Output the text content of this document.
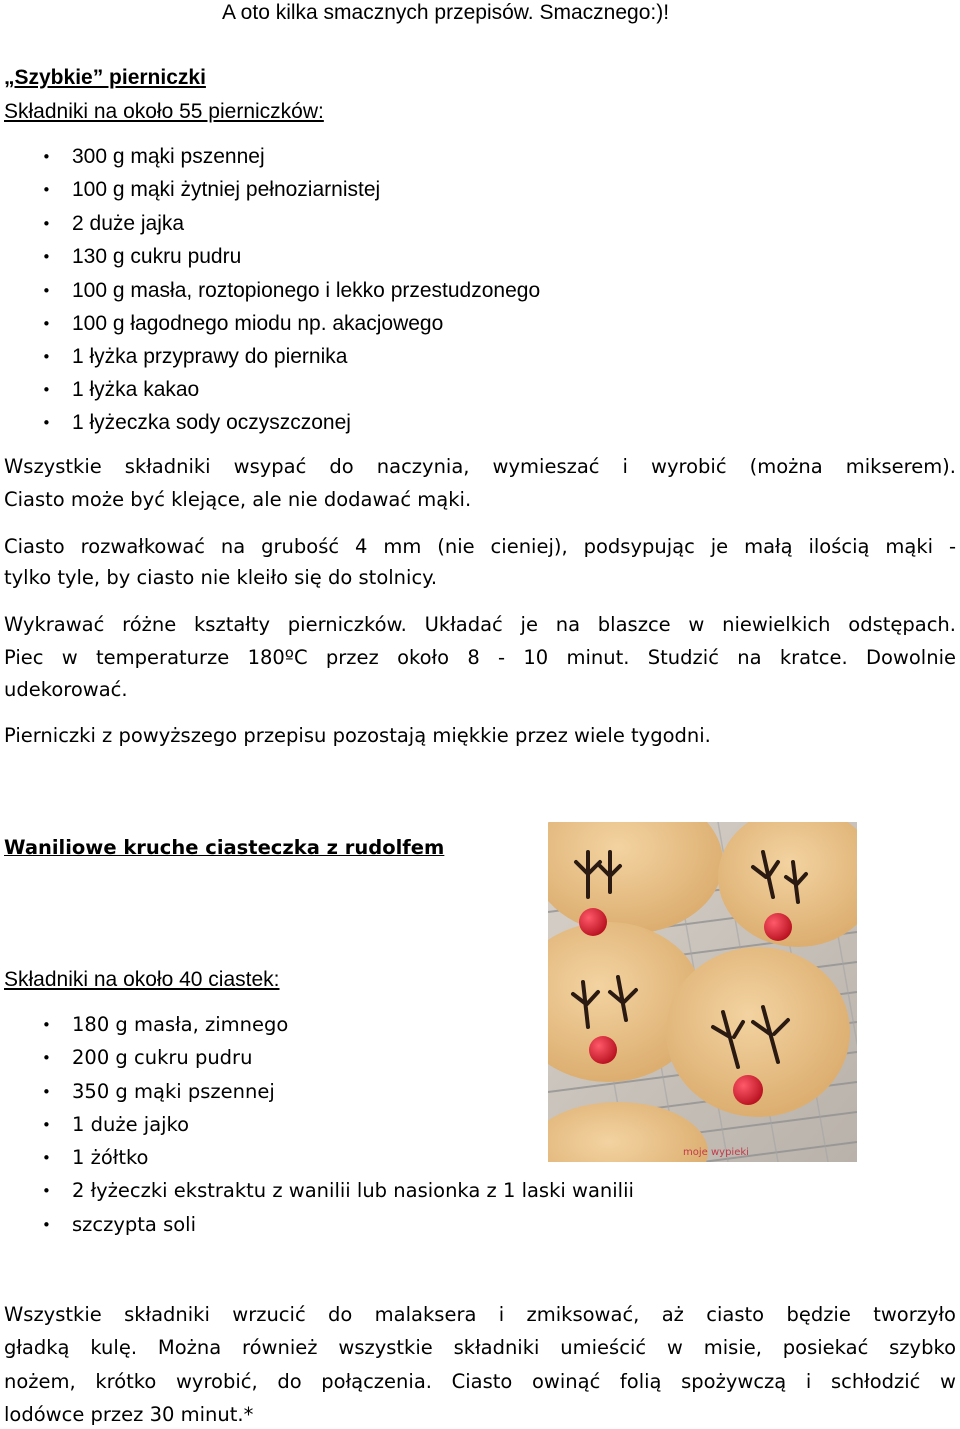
A oto kilka smacznych przepisów. Smacznego:)!
„Szybkie” pierniczki
Składniki na około 55 pierniczków:
• 300 g mąki pszennej
• 100 g mąki żytniej pełnoziarnistej
• 2 duże jajka
• 130 g cukru pudru
• 100 g masła, roztopionego i lekko przestudzonego
• 100 g łagodnego miodu np. akacjowego
• 1 łyżka przyprawy do piernika
• 1 łyżka kakao
• 1 łyżeczka sody oczyszczonej
Wszystkie składniki wsypać do naczynia, wymieszać i wyrobić (można mikserem).
Ciasto może być klejące, ale nie dodawać mąki.
Ciasto rozwałkować na grubość 4 mm (nie cieniej), podsypując je małą ilością mąki -
tylko tyle, by ciasto nie kleiło się do stolnicy.
Wykrawać różne kształty pierniczków. Układać je na blaszce w niewielkich odstępach.
Piec w temperaturze 180ºC przez około 8 - 10 minut. Studzić na kratce. Dowolnie
udekorować.
Pierniczki z powyższego przepisu pozostają miękkie przez wiele tygodni.
Waniliowe kruche ciasteczka z rudolfem
Składniki na około 40 ciastek:
• 180 g masła, zimnego
• 200 g cukru pudru
• 350 g mąki pszennej
• 1 duże jajko
• 1 żółtko
• 2 łyżeczki ekstraktu z wanilii lub nasionka z 1 laski wanilii
• szczypta soli
moje wypieki
Wszystkie składniki wrzucić do malaksera i zmiksować, aż ciasto będzie tworzyło
gładką kulę. Można również wszystkie składniki umieścić w misie, posiekać szybko
nożem, krótko wyrobić, do połączenia. Ciasto owinąć folią spożywczą i schłodzić w
lodówce przez 30 minut.*
